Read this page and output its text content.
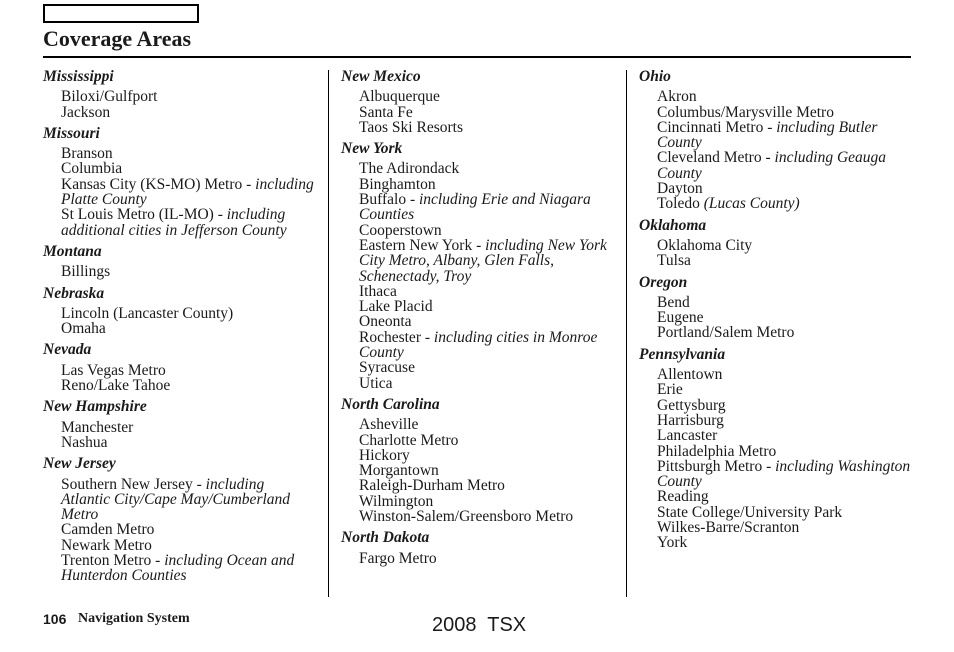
Coverage Areas
Mississippi
Biloxi/Gulfport
Jackson
Missouri
Branson
Columbia
Kansas City (KS-MO) Metro - including Platte County
St Louis Metro (IL-MO) - including additional cities in Jefferson County
Montana
Billings
Nebraska
Lincoln (Lancaster County)
Omaha
Nevada
Las Vegas Metro
Reno/Lake Tahoe
New Hampshire
Manchester
Nashua
New Jersey
Southern New Jersey - including Atlantic City/Cape May/Cumberland Metro
Camden Metro
Newark Metro
Trenton Metro - including Ocean and Hunterdon Counties
New Mexico
Albuquerque
Santa Fe
Taos Ski Resorts
New York
The Adirondack
Binghamton
Buffalo - including Erie and Niagara Counties
Cooperstown
Eastern New York - including New York City Metro, Albany, Glen Falls, Schenectady, Troy
Ithaca
Lake Placid
Oneonta
Rochester - including cities in Monroe County
Syracuse
Utica
North Carolina
Asheville
Charlotte Metro
Hickory
Morgantown
Raleigh-Durham Metro
Wilmington
Winston-Salem/Greensboro Metro
North Dakota
Fargo Metro
Ohio
Akron
Columbus/Marysville Metro
Cincinnati Metro - including Butler County
Cleveland Metro - including Geauga County
Dayton
Toledo (Lucas County)
Oklahoma
Oklahoma City
Tulsa
Oregon
Bend
Eugene
Portland/Salem Metro
Pennsylvania
Allentown
Erie
Gettysburg
Harrisburg
Lancaster
Philadelphia Metro
Pittsburgh Metro - including Washington County
Reading
State College/University Park
Wilkes-Barre/Scranton
York
106 Navigation System	2008  TSX
